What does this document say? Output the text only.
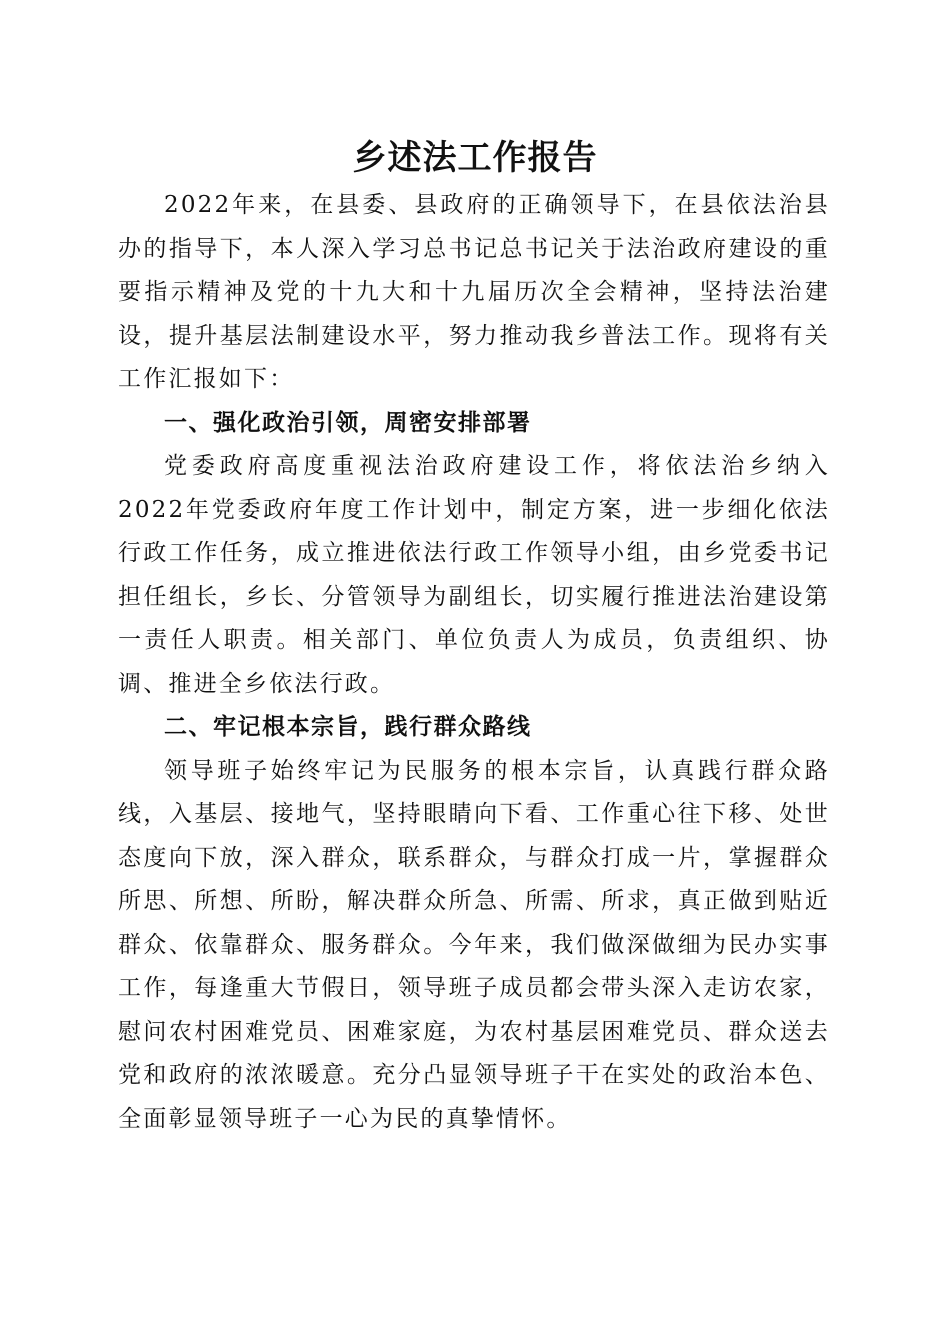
乡述法工作报告

2022年来，在县委、县政府的正确领导下，在县依法治县办的指导下，本人深入学习总书记总书记关于法治政府建设的重要指示精神及党的十九大和十九届历次全会精神，坚持法治建设，提升基层法制建设水平，努力推动我乡普法工作。现将有关工作汇报如下：

一、强化政治引领，周密安排部署

党委政府高度重视法治政府建设工作，将依法治乡纳入2022年党委政府年度工作计划中，制定方案，进一步细化依法行政工作任务，成立推进依法行政工作领导小组，由乡党委书记担任组长，乡长、分管领导为副组长，切实履行推进法治建设第一责任人职责。相关部门、单位负责人为成员，负责组织、协调、推进全乡依法行政。

二、牢记根本宗旨，践行群众路线

领导班子始终牢记为民服务的根本宗旨，认真践行群众路线，入基层、接地气，坚持眼睛向下看、工作重心往下移、处世态度向下放，深入群众，联系群众，与群众打成一片，掌握群众所思、所想、所盼，解决群众所急、所需、所求，真正做到贴近群众、依靠群众、服务群众。今年来，我们做深做细为民办实事工作，每逢重大节假日，领导班子成员都会带头深入走访农家，慰问农村困难党员、困难家庭，为农村基层困难党员、群众送去党和政府的浓浓暖意。充分凸显领导班子干在实处的政治本色、全面彰显领导班子一心为民的真挚情怀。
